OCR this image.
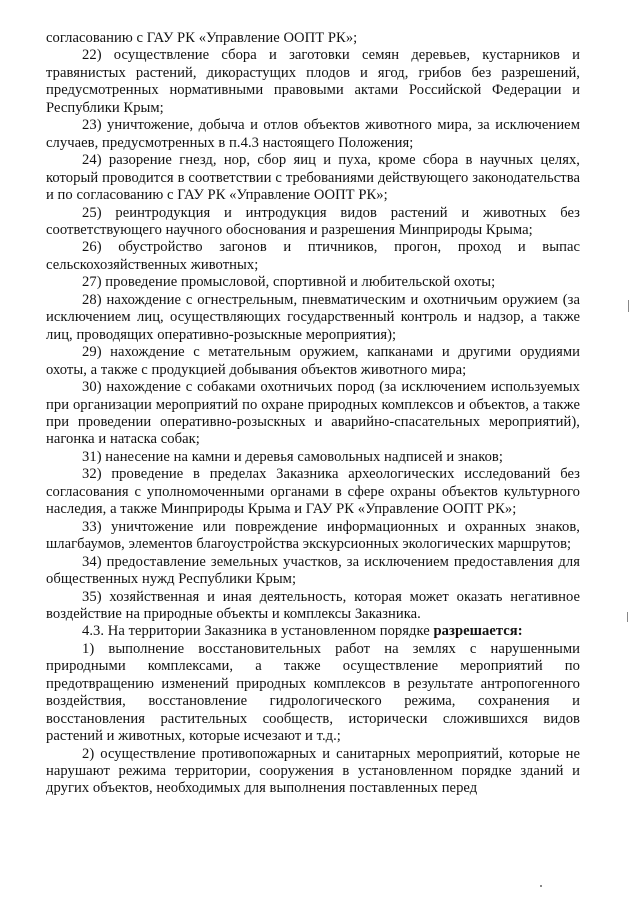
согласованию с ГАУ РК «Управление ООПТ РК»;

22) осуществление сбора и заготовки семян деревьев, кустарников и травянистых растений, дикорастущих плодов и ягод, грибов без разрешений, предусмотренных нормативными правовыми актами Российской Федерации и Республики Крым;

23) уничтожение, добыча и отлов объектов животного мира, за исключением случаев, предусмотренных в п.4.3 настоящего Положения;

24) разорение гнезд, нор, сбор яиц и пуха, кроме сбора в научных целях, который проводится в соответствии с требованиями действующего законодательства и по согласованию с ГАУ РК «Управление ООПТ РК»;

25) реинтродукция и интродукция видов растений и животных без соответствующего научного обоснования и разрешения Минприроды Крыма;

26) обустройство загонов и птичников, прогон, проход и выпас сельскохозяйственных животных;

27) проведение промысловой, спортивной и любительской охоты;

28) нахождение с огнестрельным, пневматическим и охотничьим оружием (за исключением лиц, осуществляющих государственный контроль и надзор, а также лиц, проводящих оперативно-розыскные мероприятия);

29) нахождение с метательным оружием, капканами и другими орудиями охоты, а также с продукцией добывания объектов животного мира;

30) нахождение с собаками охотничьих пород (за исключением используемых при организации мероприятий по охране природных комплексов и объектов, а также при проведении оперативно-розыскных и аварийно-спасательных мероприятий), нагонка и натаска собак;

31) нанесение на камни и деревья самовольных надписей и знаков;

32) проведение в пределах Заказника археологических исследований без согласования с уполномоченными органами в сфере охраны объектов культурного наследия, а также Минприроды Крыма и ГАУ РК «Управление ООПТ РК»;

33) уничтожение или повреждение информационных и охранных знаков, шлагбаумов, элементов благоустройства экскурсионных экологических маршрутов;

34) предоставление земельных участков, за исключением предоставления для общественных нужд Республики Крым;

35) хозяйственная и иная деятельность, которая может оказать негативное воздействие на природные объекты и комплексы Заказника.

4.3. На территории Заказника в установленном порядке разрешается:

1) выполнение восстановительных работ на землях с нарушенными природными комплексами, а также осуществление мероприятий по предотвращению изменений природных комплексов в результате антропогенного воздействия, восстановление гидрологического режима, сохранения и восстановления растительных сообществ, исторически сложившихся видов растений и животных, которые исчезают и т.д.;

2) осуществление противопожарных и санитарных мероприятий, которые не нарушают режима территории, сооружения в установленном порядке зданий и других объектов, необходимых для выполнения поставленных перед
